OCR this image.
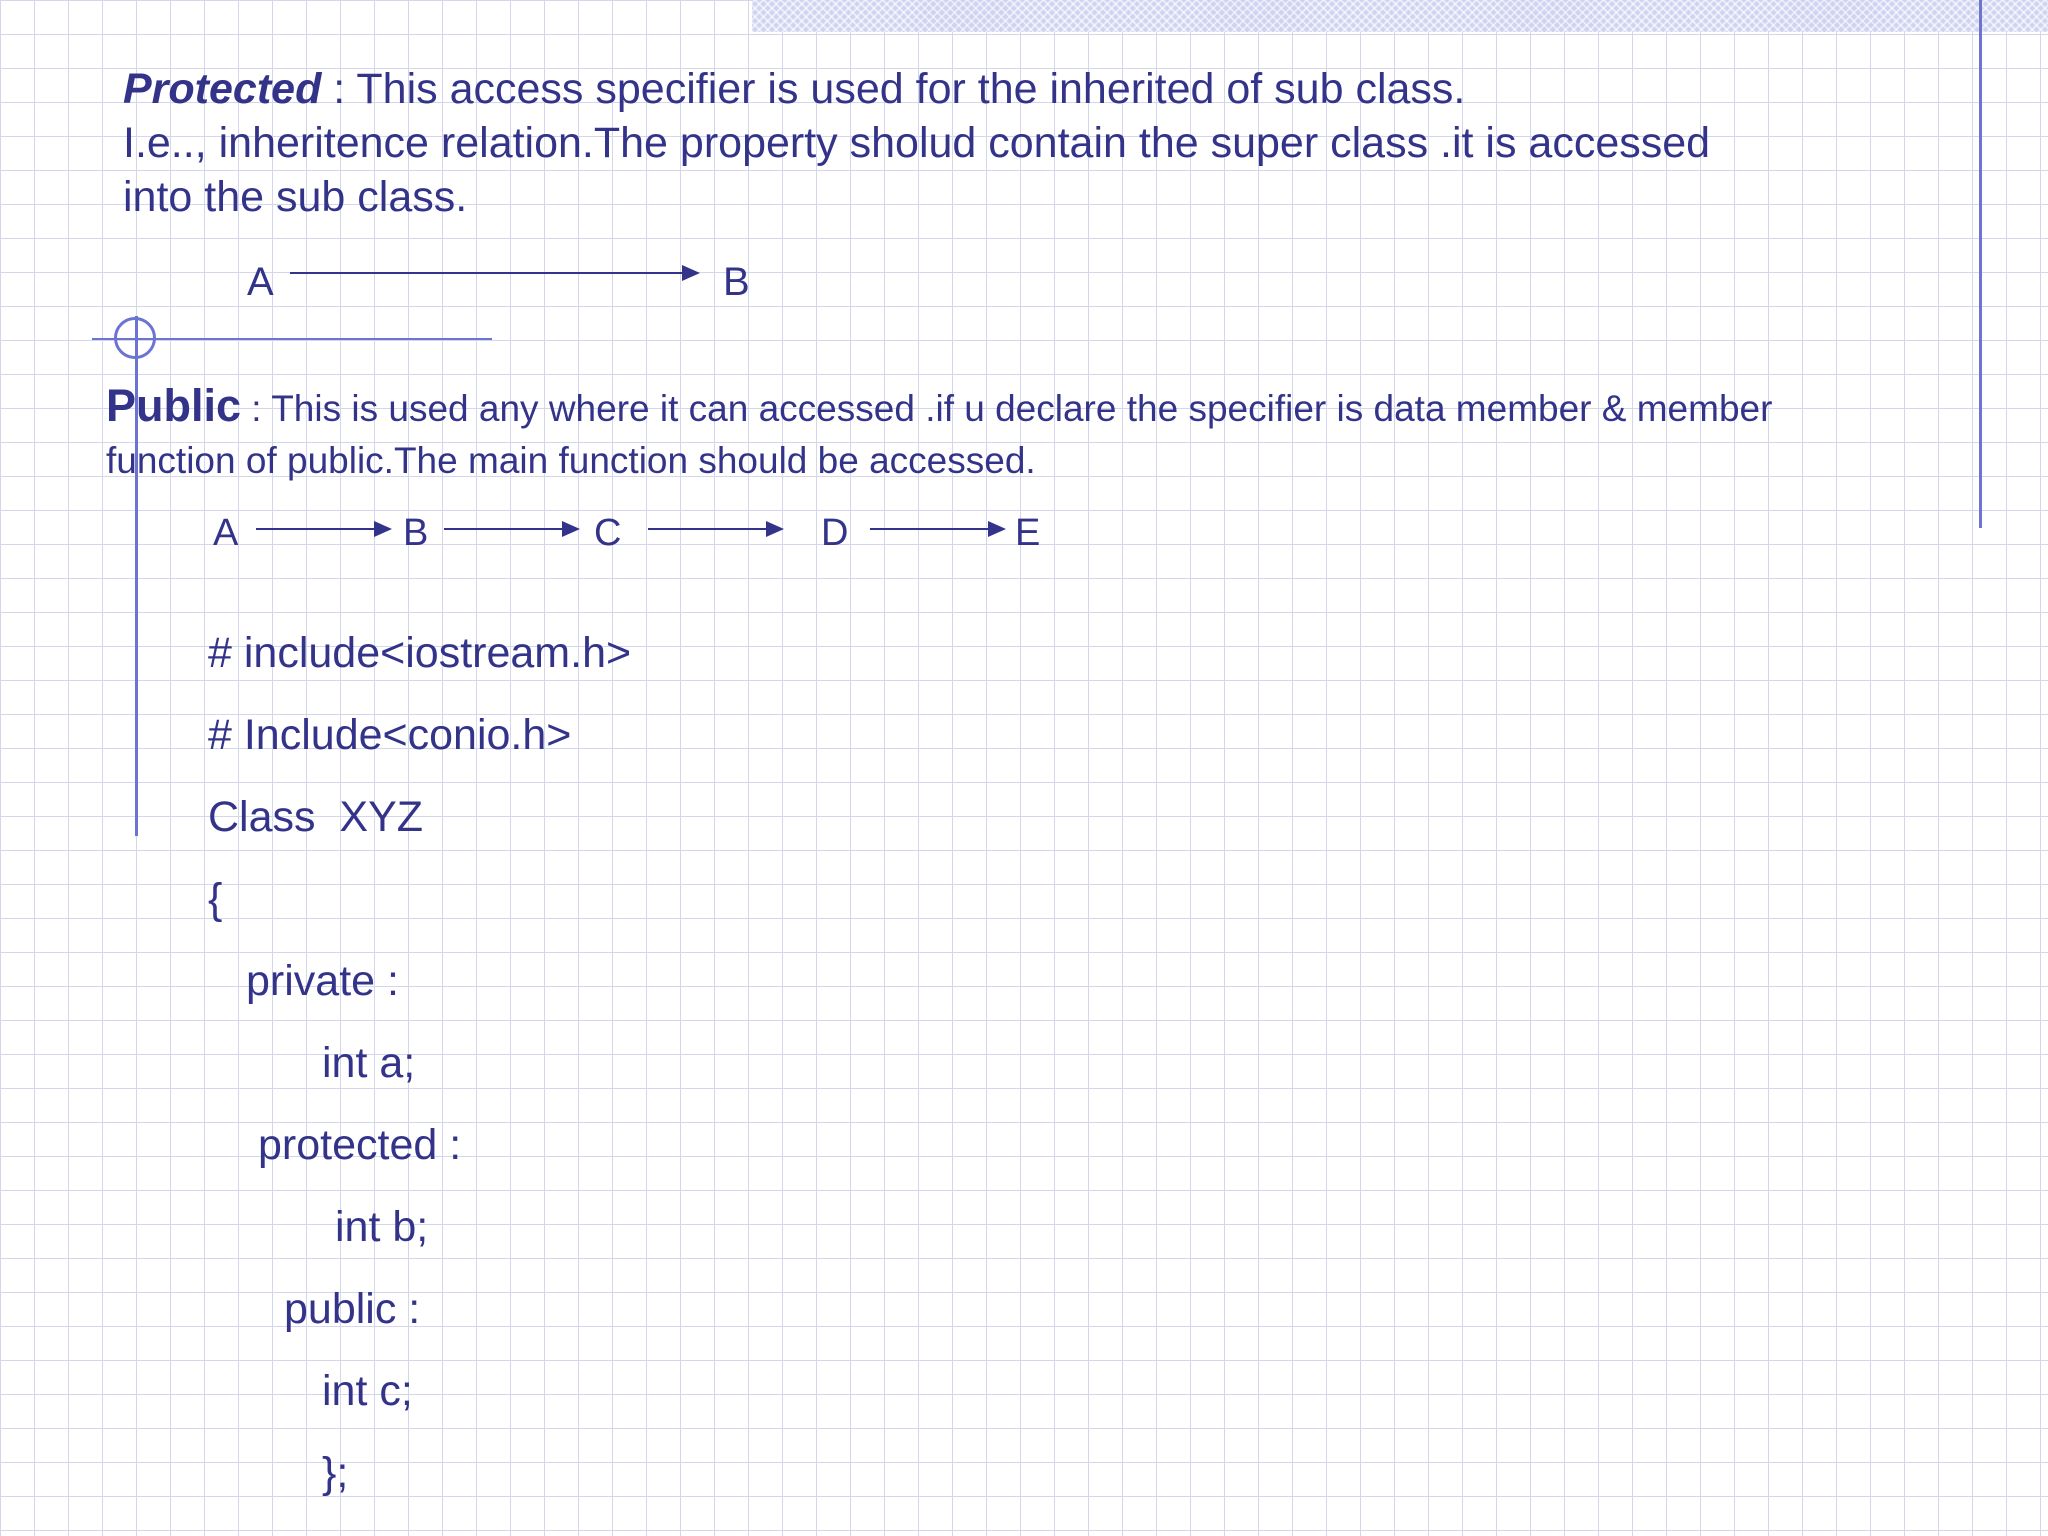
Protected : This access specifier is used for the inherited of sub class.
I.e.., inheritence relation.The property sholud contain the super class .it is accessed
into the sub class.
A	B
Public : This is used any where it can accessed .if u declare the specifier is data member & member
function of public.The main function should be accessed.
A	B	C	D	E
# include<iostream.h>
# Include<conio.h>
Class  XYZ
{
private :
int a;
protected :
int b;
public :
int c;
};
